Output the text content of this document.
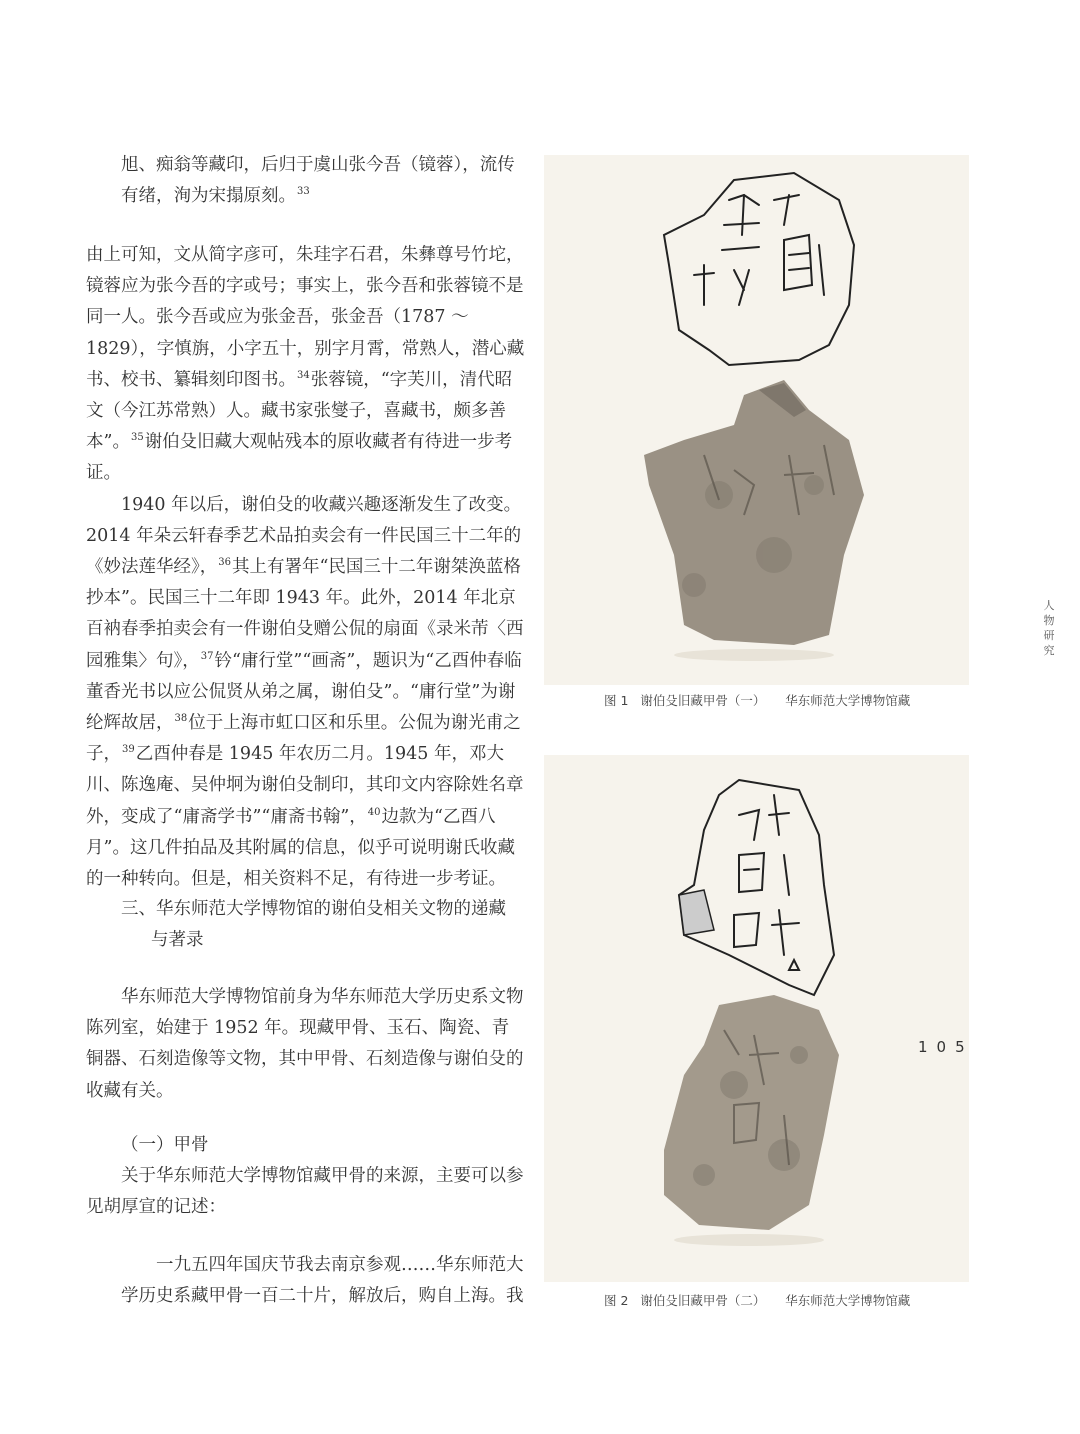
旭、痴翁等藏印，后归于虞山张今吾（镜蓉），流传有绪，洵为宋搨原刻。$^{33}$

由上可知，文从简字彦可，朱珪字石君，朱彝尊号竹坨，镜蓉应为张今吾的字或号；事实上，张今吾和张蓉镜不是同一人。张今吾或应为张金吾，张金吾（1787 ～ 1829），字慎旃，小字五十，别字月霄，常熟人，潜心藏书、校书、纂辑刻印图书。$^{34}$张蓉镜，“字芙川，清代昭文（今江苏常熟）人。藏书家张燮子，喜藏书，颇多善本”。$^{35}$谢伯殳旧藏大观帖残本的原收藏者有待进一步考证。

1940 年以后，谢伯殳的收藏兴趣逐渐发生了改变。2014 年朵云轩春季艺术品拍卖会有一件民国三十二年的《妙法莲华经》，$^{36}$其上有署年“民国三十二年谢桀涣蓝格抄本”。民国三十二年即 1943 年。此外，2014 年北京百衲春季拍卖会有一件谢伯殳赠公侃的扇面《录米芾〈西园雅集〉句》，$^{37}$钤“庸行堂”“画斋”，题识为“乙酉仲春临董香光书以应公侃贤从弟之属，谢伯殳”。“庸行堂”为谢纶辉故居，$^{38}$位于上海市虹口区和乐里。公侃为谢光甫之子，$^{39}$乙酉仲春是 1945 年农历二月。1945 年，邓大川、陈逸庵、吴仲坰为谢伯殳制印，其印文内容除姓名章外，变成了“庸斋学书”“庸斋书翰”，$^{40}$边款为“乙酉八月”。这几件拍品及其附属的信息，似乎可说明谢氏收藏的一种转向。但是，相关资料不足，有待进一步考证。

三、华东师范大学博物馆的谢伯殳相关文物的递藏
与著录

华东师范大学博物馆前身为华东师范大学历史系文物陈列室，始建于 1952 年。现藏甲骨、玉石、陶瓷、青铜器、石刻造像等文物，其中甲骨、石刻造像与谢伯殳的收藏有关。

（一）甲骨

关于华东师范大学博物馆藏甲骨的来源，主要可以参见胡厚宣的记述：

一九五四年国庆节我去南京参观……华东师范大学历史系藏甲骨一百二十片，解放后，购自上海。我

图 1   谢伯殳旧藏甲骨（一）     华东师范大学博物馆藏
图 2   谢伯殳旧藏甲骨（二）     华东师范大学博物馆藏
人物研究
105
